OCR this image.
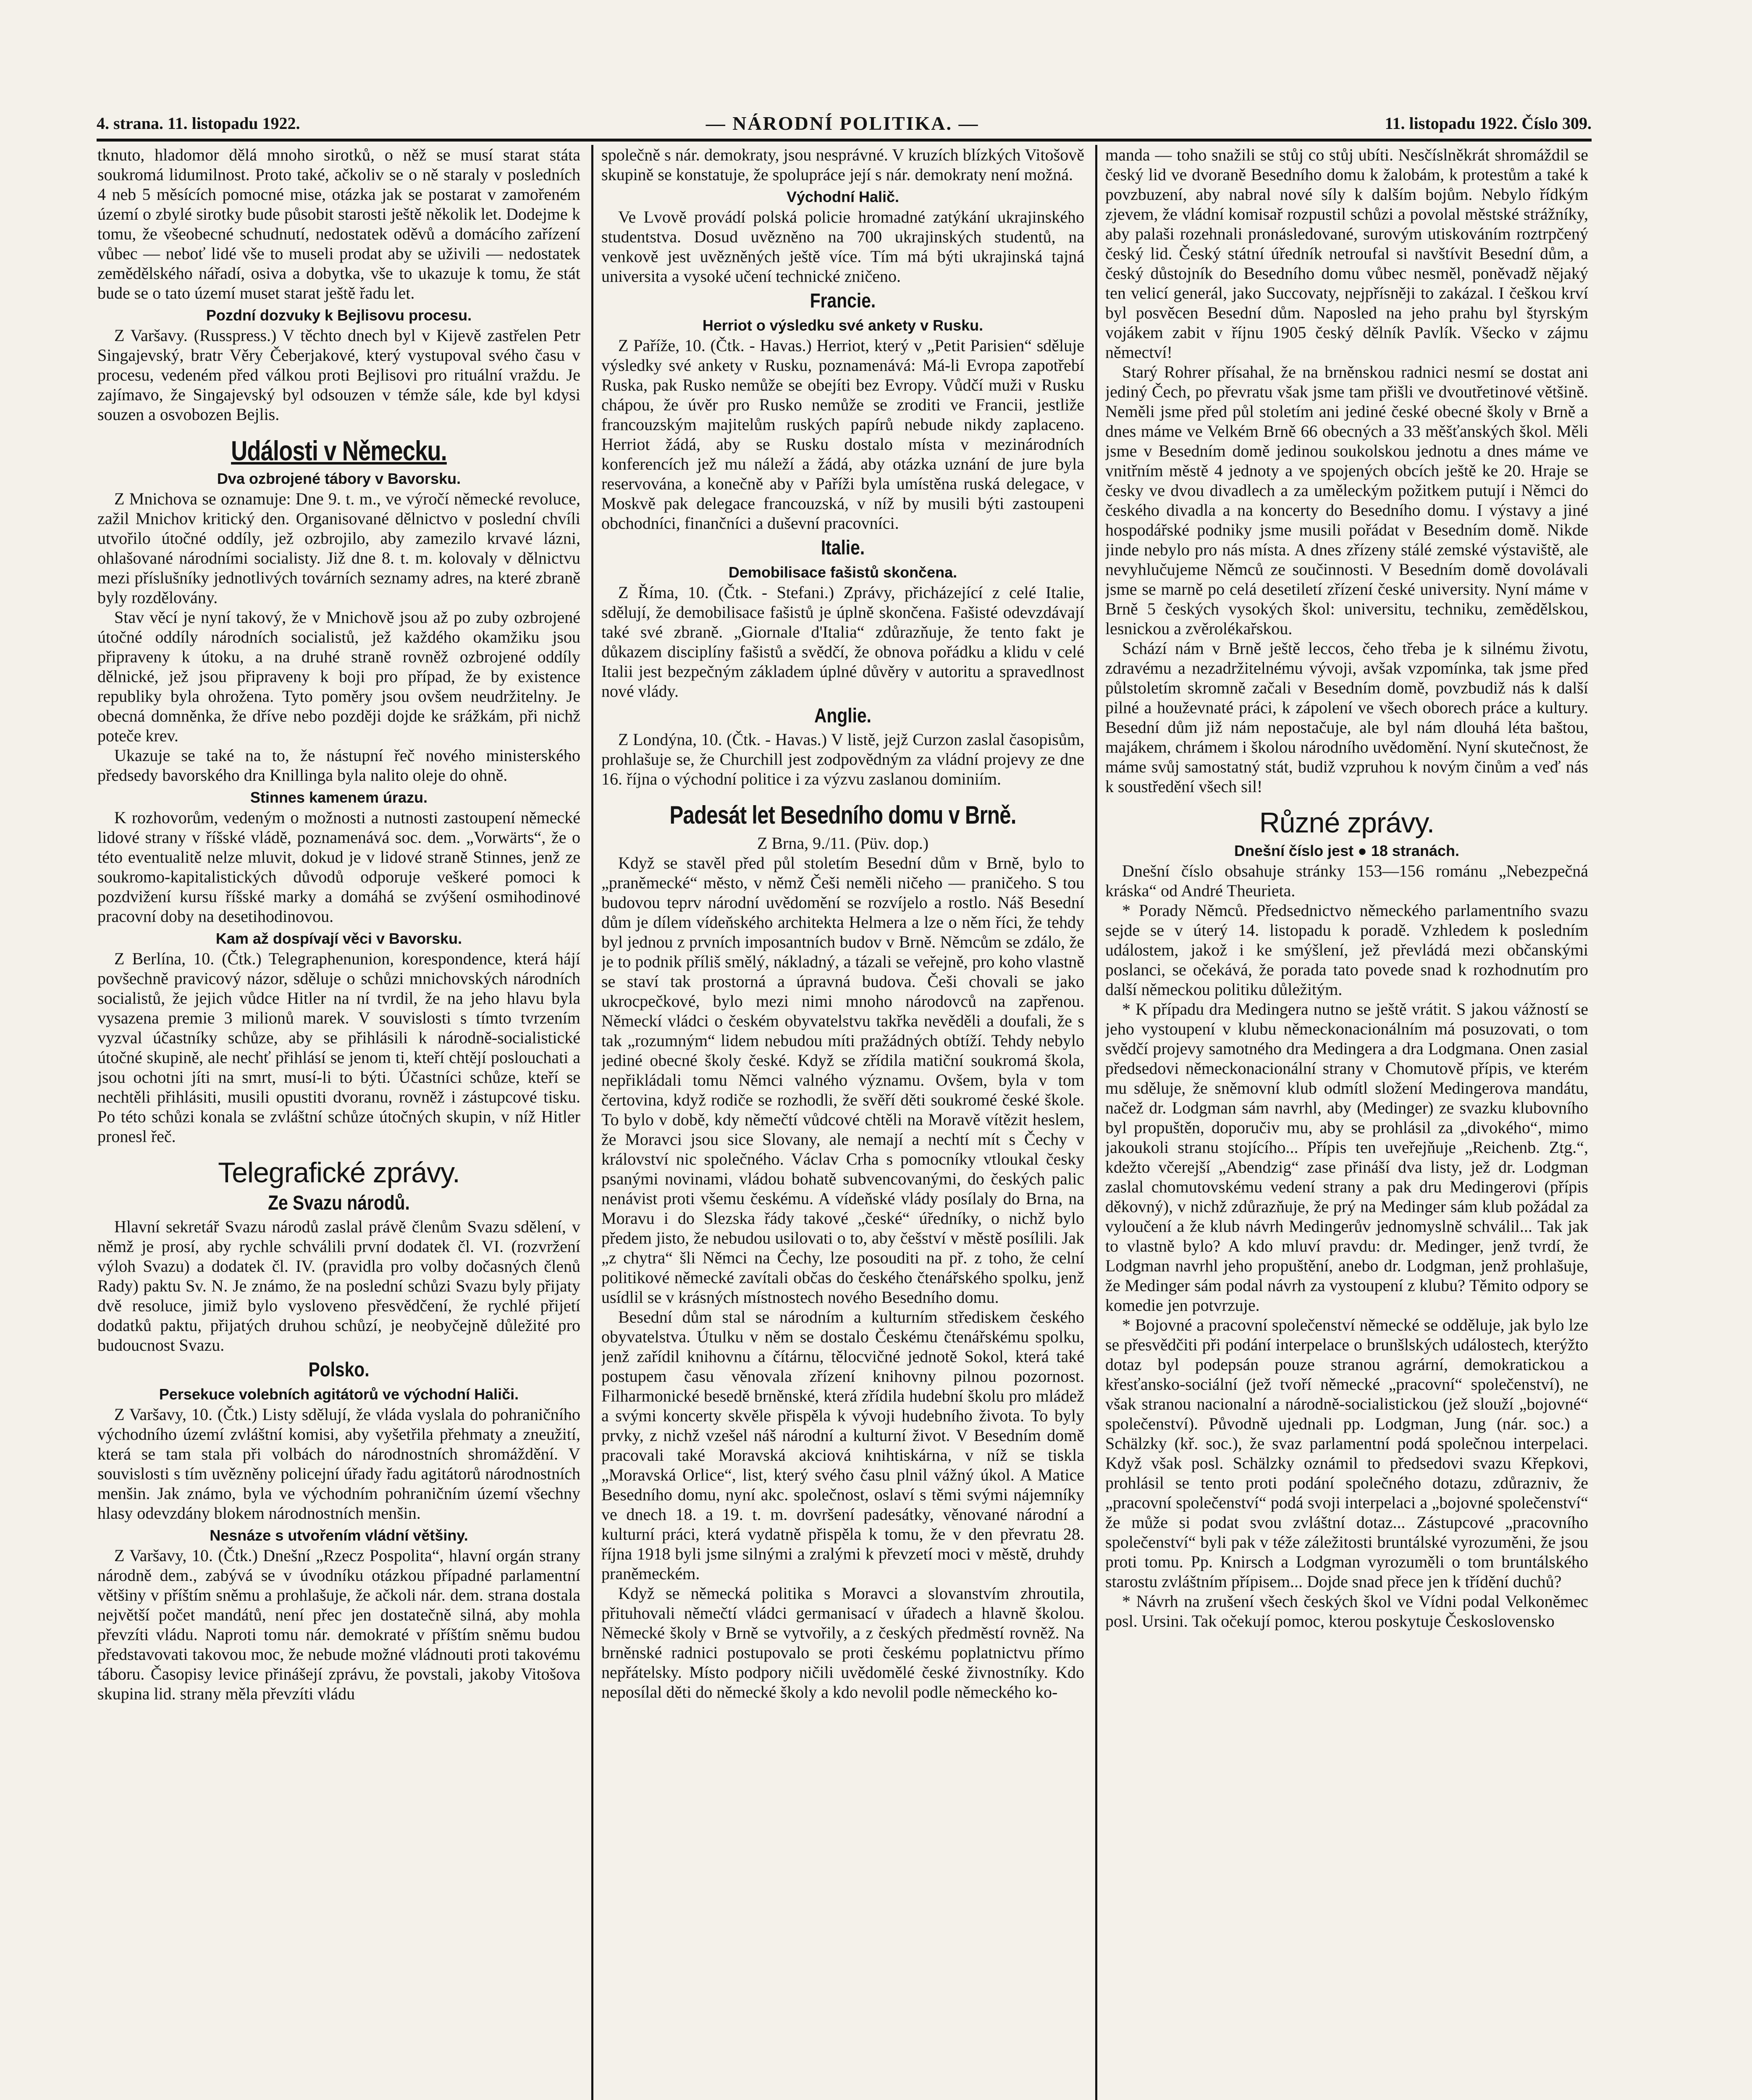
4. strana. 11. listopadu 1922.	— NÁRODNÍ POLITIKA. —	11. listopadu 1922. Číslo 309.

tknuto, hladomor dělá mnoho sirotků, o něž se musí starat státa soukromá lidumilnost. Proto také, ačkoliv se o ně staraly v posledních 4 neb 5 měsících pomocné mise, otázka jak se postarat v zamořeném území o zbylé sirotky bude působit starosti ještě několik let. Dodejme k tomu, že všeobecné schudnutí, nedostatek oděvů a domácího zařízení vůbec — neboť lidé vše to museli prodat aby se uživili — nedostatek zemědělského nářadí, osiva a dobytka, vše to ukazuje k tomu, že stát bude se o tato území muset starat ještě řadu let.

Pozdní dozvuky k Bejlisovu procesu.

Z Varšavy. (Russpress.) V těchto dnech byl v Kijevě zastřelen Petr Singajevský, bratr Věry Čeberjakové, který vystupoval svého času v procesu, vedeném před válkou proti Bejlisovi pro rituální vraždu. Je zajímavo, že Singajevský byl odsouzen v témže sále, kde byl kdysi souzen a osvobozen Bejlis.

Události v Německu.
Dva ozbrojené tábory v Bavorsku.

Z Mnichova se oznamuje: Dne 9. t. m., ve výročí německé revoluce, zažil Mnichov kritický den. Organisované dělnictvo v poslední chvíli utvořilo útočné oddíly, jež ozbrojilo, aby zamezilo krvavé lázni, ohlašované národními socialisty. Již dne 8. t. m. kolovaly v dělnictvu mezi příslušníky jednotlivých továrních seznamy adres, na které zbraně byly rozdělovány.

Stav věcí je nyní takový, že v Mnichově jsou až po zuby ozbrojené útočné oddíly národních socialistů, jež každého okamžiku jsou připraveny k útoku, a na druhé straně rovněž ozbrojené oddíly dělnické, jež jsou připraveny k boji pro případ, že by existence republiky byla ohrožena. Tyto poměry jsou ovšem neudržitelny. Je obecná domněnka, že dříve nebo později dojde ke srážkám, při nichž poteče krev.

Ukazuje se také na to, že nástupní řeč nového ministerského předsedy bavorského dra Knillinga byla nalito oleje do ohně.

Stinnes kamenem úrazu.

K rozhovorům, vedeným o možnosti a nutnosti zastoupení německé lidové strany v říšské vládě, poznamenává soc. dem. „Vorwärts“, že o této eventualitě nelze mluvit, dokud je v lidové straně Stinnes, jenž ze soukromo-kapitalistických důvodů odporuje veškeré pomoci k pozdvižení kursu říšské marky a domáhá se zvýšení osmihodinové pracovní doby na desetihodinovou.

Kam až dospívají věci v Bavorsku.

Z Berlína, 10. (Čtk.) Telegraphenunion, korespondence, která hájí povšechně pravicový názor, sděluje o schůzi mnichovských národních socialistů, že jejich vůdce Hitler na ní tvrdil, že na jeho hlavu byla vysazena premie 3 milionů marek. V souvislosti s tímto tvrzením vyzval účastníky schůze, aby se přihlásili k národně-socialistické útočné skupině, ale nechť přihlásí se jenom ti, kteří chtějí poslouchati a jsou ochotni jíti na smrt, musí-li to býti. Účastníci schůze, kteří se nechtěli přihlásiti, musili opustiti dvoranu, rovněž i zástupcové tisku. Po této schůzi konala se zvláštní schůze útočných skupin, v níž Hitler pronesl řeč.

Telegrafické zprávy.
Ze Svazu národů.

Hlavní sekretář Svazu národů zaslal právě členům Svazu sdělení, v němž je prosí, aby rychle schválili první dodatek čl. VI. (rozvržení výloh Svazu) a dodatek čl. IV. (pravidla pro volby dočasných členů Rady) paktu Sv. N. Je známo, že na poslední schůzi Svazu byly přijaty dvě resoluce, jimiž bylo vysloveno přesvědčení, že rychlé přijetí dodatků paktu, přijatých druhou schůzí, je neobyčejně důležité pro budoucnost Svazu.

Polsko.
Persekuce volebních agitátorů ve východní Haliči.

Z Varšavy, 10. (Čtk.) Listy sdělují, že vláda vyslala do pohraničního východního území zvláštní komisi, aby vyšetřila přehmaty a zneužití, která se tam stala při volbách do národnostních shromáždění. V souvislosti s tím uvězněny policejní úřady řadu agitátorů národnostních menšin. Jak známo, byla ve východním pohraničním území všechny hlasy odevzdány blokem národnostních menšin.

Nesnáze s utvořením vládní většiny.

Z Varšavy, 10. (Čtk.) Dnešní „Rzecz Pospolita“, hlavní orgán strany národně dem., zabývá se v úvodníku otázkou případné parlamentní většiny v příštím sněmu a prohlašuje, že ačkoli nár. dem. strana dostala největší počet mandátů, není přec jen dostatečně silná, aby mohla převzíti vládu. Naproti tomu nár. demokraté v příštím sněmu budou představovati takovou moc, že nebude možné vládnouti proti takovému táboru. Časopisy levice přinášejí zprávu, že povstali, jakoby Vitošova skupina lid. strany měla převzíti vládu

společně s nár. demokraty, jsou nesprávné. V kruzích blízkých Vitošově skupině se konstatuje, že spolupráce její s nár. demokraty není možná.

Východní Halič.

Ve Lvově provádí polská policie hromadné zatýkání ukrajinského studentstva. Dosud uvězněno na 700 ukrajinských studentů, na venkově jest uvězněných ještě více. Tím má býti ukrajinská tajná universita a vysoké učení technické zničeno.

Francie.
Herriot o výsledku své ankety v Rusku.

Z Paříže, 10. (Čtk. - Havas.) Herriot, který v „Petit Parisien“ sděluje výsledky své ankety v Rusku, poznamenává: Má-li Evropa zapotřebí Ruska, pak Rusko nemůže se obejíti bez Evropy. Vůdčí muži v Rusku chápou, že úvěr pro Rusko nemůže se zroditi ve Francii, jestliže francouzským majitelům ruských papírů nebude nikdy zaplaceno. Herriot žádá, aby se Rusku dostalo místa v mezinárodních konferencích jež mu náleží a žádá, aby otázka uznání de jure byla reservována, a konečně aby v Paříži byla umístěna ruská delegace, v Moskvě pak delegace francouzská, v níž by musili býti zastoupeni obchodníci, finančníci a duševní pracovníci.

Italie.
Demobilisace fašistů skončena.

Z Říma, 10. (Čtk. - Stefani.) Zprávy, přicházející z celé Italie, sdělují, že demobilisace fašistů je úplně skončena. Fašisté odevzdávají také své zbraně. „Giornale d'Italia“ zdůrazňuje, že tento fakt je důkazem disciplíny fašistů a svědčí, že obnova pořádku a klidu v celé Italii jest bezpečným základem úplné důvěry v autoritu a spravedlnost nové vlády.

Anglie.

Z Londýna, 10. (Čtk. - Havas.) V listě, jejž Curzon zaslal časopisům, prohlašuje se, že Churchill jest zodpovědným za vládní projevy ze dne 16. října o východní politice i za výzvu zaslanou dominiím.

Padesát let Besedního domu v Brně.

Z Brna, 9./11. (Püv. dop.)

Když se stavěl před půl stoletím Besední dům v Brně, bylo to „praněmecké“ město, v němž Češi neměli ničeho — praničeho. S tou budovou teprv národní uvědomění se rozvíjelo a rostlo. Náš Besední dům je dílem vídeňského architekta Helmera a lze o něm říci, že tehdy byl jednou z prvních imposantních budov v Brně. Němcům se zdálo, že je to podnik příliš smělý, nákladný, a tázali se veřejně, pro koho vlastně se staví tak prostorná a úpravná budova. Češi chovali se jako ukrocpečkové, bylo mezi nimi mnoho národovců na zapřenou. Německí vládci o českém obyvatelstvu takřka nevěděli a doufali, že s tak „rozumným“ lidem nebudou míti pražádných obtíží. Tehdy nebylo jediné obecné školy české. Když se zřídila matiční soukromá škola, nepřikládali tomu Němci valného významu. Ovšem, byla v tom čertovina, když rodiče se rozhodli, že svěří děti soukromé české škole. To bylo v době, kdy němečtí vůdcové chtěli na Moravě vítězit heslem, že Moravci jsou sice Slovany, ale nemají a nechtí mít s Čechy v království nic společného. Václav Crha s pomocníky vtloukal česky psanými novinami, vládou bohatě subvencovanými, do českých palic nenávist proti všemu českému. A vídeňské vlády posílaly do Brna, na Moravu i do Slezska řády takové „české“ úředníky, o nichž bylo předem jisto, že nebudou usilovati o to, aby češství v městě posílili. Jak „z chytra“ šli Němci na Čechy, lze posouditi na př. z toho, že celní politikové německé zavítali občas do českého čtenářského spolku, jenž usídlil se v krásných místnostech nového Besedního domu.

Besední dům stal se národním a kulturním střediskem českého obyvatelstva. Útulku v něm se dostalo Českému čtenářskému spolku, jenž zařídil knihovnu a čítárnu, tělocvičné jednotě Sokol, která také postupem času věnovala zřízení knihovny pilnou pozornost. Filharmonické besedě brněnské, která zřídila hudební školu pro mládež a svými koncerty skvěle přispěla k vývoji hudebního života. To byly prvky, z nichž vzešel náš národní a kulturní život. V Besedním domě pracovali také Moravská akciová knihtiskárna, v níž se tiskla „Moravská Orlice“, list, který svého času plnil vážný úkol. A Matice Besedního domu, nyní akc. společnost, oslaví s těmi svými nájemníky ve dnech 18. a 19. t. m. dovršení padesátky, věnované národní a kulturní práci, která vydatně přispěla k tomu, že v den převratu 28. října 1918 byli jsme silnými a zralými k převzetí moci v městě, druhdy praněmeckém.

Když se německá politika s Moravci a slovanstvím zhroutila, přituhovali němečtí vládci germanisací v úřadech a hlavně školou. Německé školy v Brně se vytvořily, a z českých předměstí rovněž. Na brněnské radnici postupovalo se proti českému poplatnictvu přímo nepřátelsky. Místo podpory ničili uvědomělé české živnostníky. Kdo neposílal děti do německé školy a kdo nevolil podle německého ko-

manda — toho snažili se stůj co stůj ubíti. Nesčíslněkrát shromáždil se český lid ve dvoraně Besedního domu k žalobám, k protestům a také k povzbuzení, aby nabral nové síly k dalším bojům. Nebylo řídkým zjevem, že vládní komisař rozpustil schůzi a povolal městské strážníky, aby palaši rozehnali pronásledované, surovým utiskováním roztrpčený český lid. Český státní úředník netroufal si navštívit Besední dům, a český důstojník do Besedního domu vůbec nesměl, poněvadž nějaký ten velicí generál, jako Succovaty, nejpřísněji to zakázal. I češkou krví byl posvěcen Besední dům. Naposled na jeho prahu byl štyrským vojákem zabit v říjnu 1905 český dělník Pavlík. Všecko v zájmu němectví!

Starý Rohrer přísahal, že na brněnskou radnici nesmí se dostat ani jediný Čech, po převratu však jsme tam přišli ve dvoutřetinové většině. Neměli jsme před půl stoletím ani jediné české obecné školy v Brně a dnes máme ve Velkém Brně 66 obecných a 33 měšťanských škol. Měli jsme v Besedním domě jedinou soukolskou jednotu a dnes máme ve vnitřním městě 4 jednoty a ve spojených obcích ještě ke 20. Hraje se česky ve dvou divadlech a za uměleckým požitkem putují i Němci do českého divadla a na koncerty do Besedního domu. I výstavy a jiné hospodářské podniky jsme musili pořádat v Besedním domě. Nikde jinde nebylo pro nás místa. A dnes zřízeny stálé zemské výstaviště, ale nevyhlučujeme Němců ze součinnosti. V Besedním domě dovolávali jsme se marně po celá desetiletí zřízení české university. Nyní máme v Brně 5 českých vysokých škol: universitu, techniku, zemědělskou, lesnickou a zvěrolékařskou.

Schází nám v Brně ještě leccos, čeho třeba je k silnému životu, zdravému a nezadržitelnému vývoji, avšak vzpomínka, tak jsme před půlstoletím skromně začali v Besedním domě, povzbudiž nás k další pilné a houževnaté práci, k zápolení ve všech oborech práce a kultury. Besední dům již nám nepostačuje, ale byl nám dlouhá léta baštou, majákem, chrámem i školou národního uvědomění. Nyní skutečnost, že máme svůj samostatný stát, budiž vzpruhou k novým činům a veď nás k soustředění všech sil!

Různé zprávy.
Dnešní číslo jest ● 18 stranách.

Dnešní číslo obsahuje stránky 153—156 románu „Nebezpečná kráska“ od André Theurieta.

* Porady Němců. Předsednictvo německého parlamentního svazu sejde se v úterý 14. listopadu k poradě. Vzhledem k posledním událostem, jakož i ke smýšlení, jež převládá mezi občanskými poslanci, se očekává, že porada tato povede snad k rozhodnutím pro další německou politiku důležitým.

* K případu dra Medingera nutno se ještě vrátit. S jakou vážností se jeho vystoupení v klubu německonacionálním má posuzovati, o tom svědčí projevy samotného dra Medingera a dra Lodgmana. Onen zasial předsedovi německonacionální strany v Chomutově přípis, ve kterém mu sděluje, že sněmovní klub odmítl složení Medingerova mandátu, načež dr. Lodgman sám navrhl, aby (Medinger) ze svazku klubovního byl propuštěn, doporučiv mu, aby se prohlásil za „divokého“, mimo jakoukoli stranu stojícího... Přípis ten uveřejňuje „Reichenb. Ztg.“, kdežto včerejší „Abendzig“ zase přináší dva listy, jež dr. Lodgman zaslal chomutovskému vedení strany a pak dru Medingerovi (přípis děkovný), v nichž zdůrazňuje, že prý na Medinger sám klub požádal za vyloučení a že klub návrh Medingerův jednomyslně schválil... Tak jak to vlastně bylo? A kdo mluví pravdu: dr. Medinger, jenž tvrdí, že Lodgman navrhl jeho propuštění, anebo dr. Lodgman, jenž prohlašuje, že Medinger sám podal návrh za vystoupení z klubu? Těmito odpory se komedie jen potvrzuje.

* Bojovné a pracovní společenství německé se odděluje, jak bylo lze se přesvědčiti při podání interpelace o brunšlských událostech, kterýžto dotaz byl podepsán pouze stranou agrární, demokratickou a křesťansko-sociální (jež tvoří německé „pracovní“ společenství), ne však stranou nacionalní a národně-socialistickou (jež slouží „bojovné“ společenství). Původně ujednali pp. Lodgman, Jung (nár. soc.) a Schälzky (kř. soc.), že svaz parlamentní podá společnou interpelaci. Když však posl. Schälzky oznámil to předsedovi svazu Křepkovi, prohlásil se tento proti podání společného dotazu, zdůrazniv, že „pracovní společenství“ podá svoji interpelaci a „bojovné společenství“ že může si podat svou zvláštní dotaz... Zástupcové „pracovního společenství“ byli pak v téže záležitosti bruntálské vyrozuměni, že jsou proti tomu. Pp. Knirsch a Lodgman vyrozuměli o tom bruntálského starostu zvláštním přípisem... Dojde snad přece jen k třídění duchů?

* Návrh na zrušení všech českých škol ve Vídni podal Velkoněmec posl. Ursini. Tak očekují pomoc, kterou poskytuje Československo
